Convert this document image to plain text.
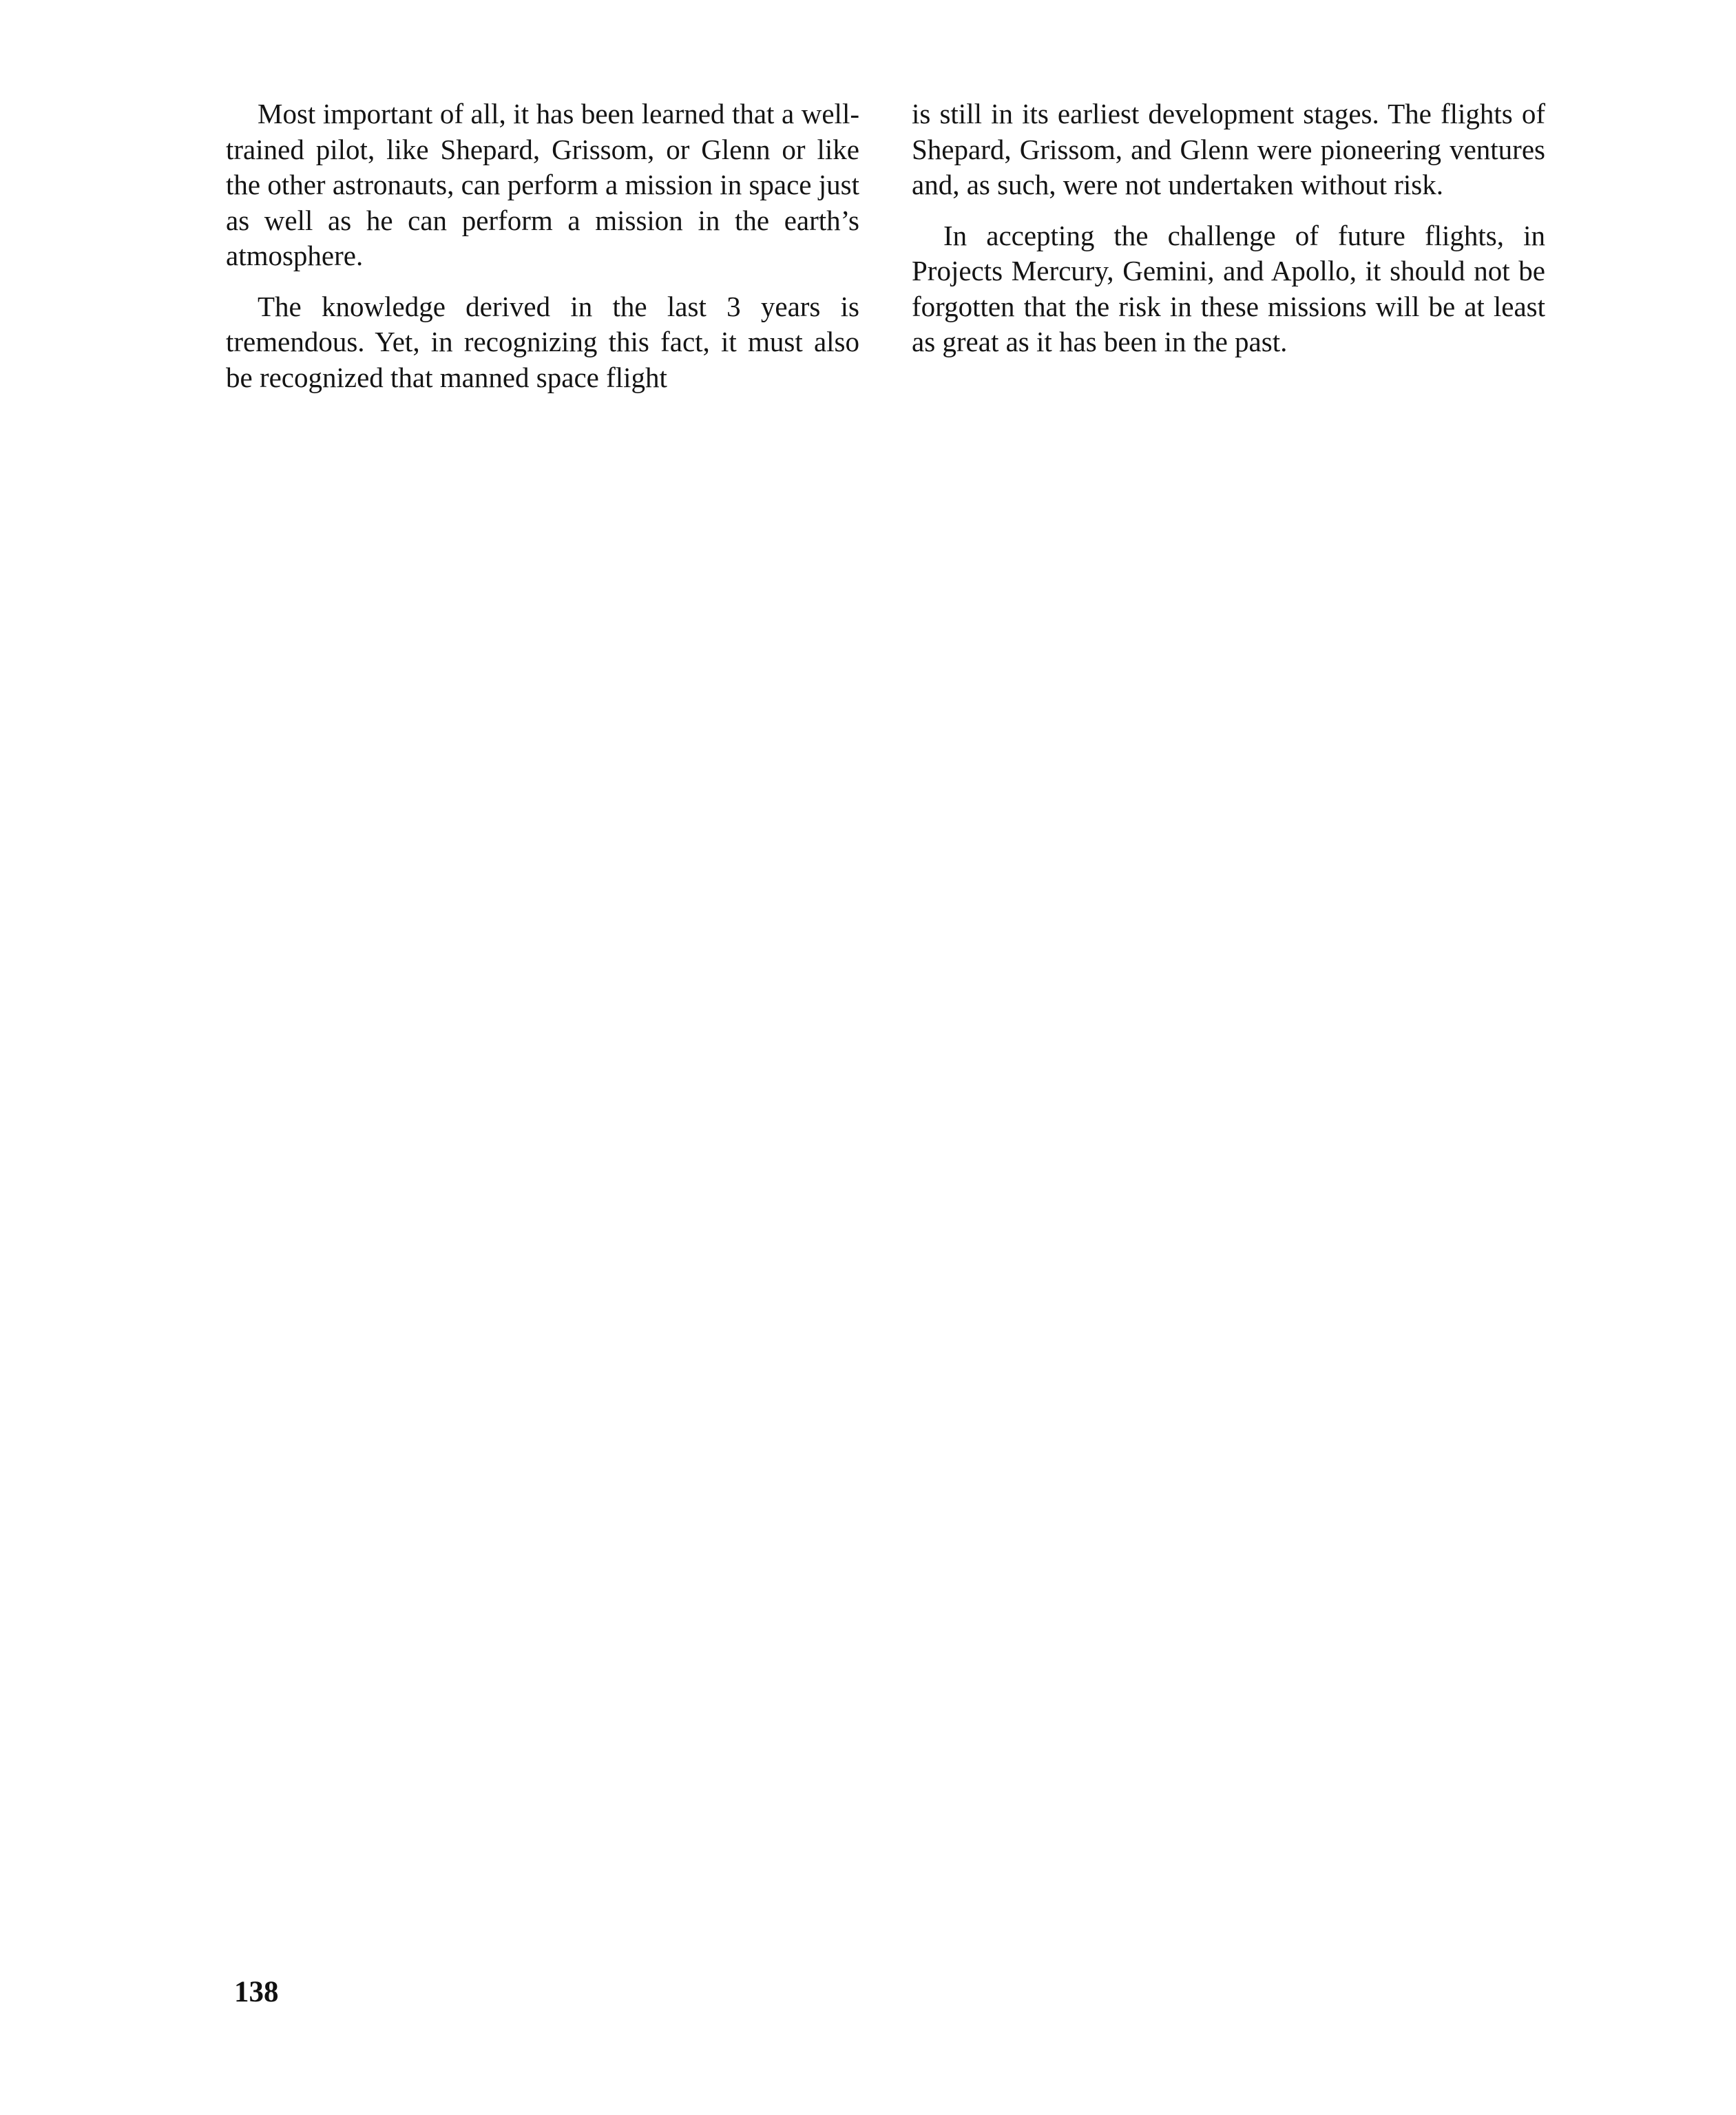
Most important of all, it has been learned that a well-trained pilot, like Shepard, Grissom, or Glenn or like the other astronauts, can perform a mission in space just as well as he can perform a mission in the earth’s atmosphere.

The knowledge derived in the last 3 years is tremendous. Yet, in recognizing this fact, it must also be recognized that manned space flight

is still in its earliest development stages. The flights of Shepard, Grissom, and Glenn were pioneering ventures and, as such, were not undertaken without risk.

In accepting the challenge of future flights, in Projects Mercury, Gemini, and Apollo, it should not be forgotten that the risk in these missions will be at least as great as it has been in the past.

138
